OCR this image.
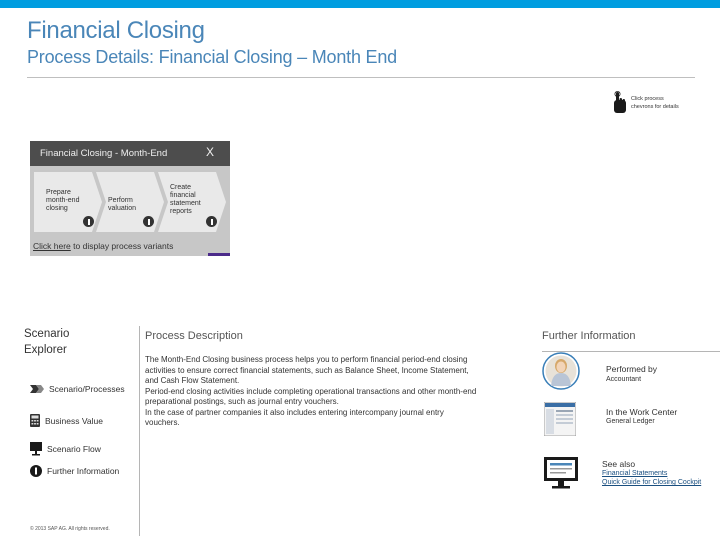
Financial Closing
Process Details: Financial Closing – Month End
Click process
chevrons for details
Financial Closing - Month-End	X
Prepare
month-end
closing
Perform
valuation
Create
financial
statement
reports
Click here to display process variants
Scenario
Explorer
Scenario/Processes
Business Value
Scenario Flow
Further Information
© 2013 SAP AG. All rights reserved.
Process Description
The Month-End Closing business process helps you to perform financial period-end closing
activities to ensure correct financial statements, such as Balance Sheet, Income Statement,
and Cash Flow Statement.
Period-end closing activities include completing operational transactions and other month-end
preparational postings, such as journal entry vouchers.
In the case of partner companies it also includes entering intercompany journal entry
vouchers.
Further Information
Performed by
Accountant
In the Work Center
General Ledger
See also
Financial Statements
Quick Guide for Closing Cockpit
